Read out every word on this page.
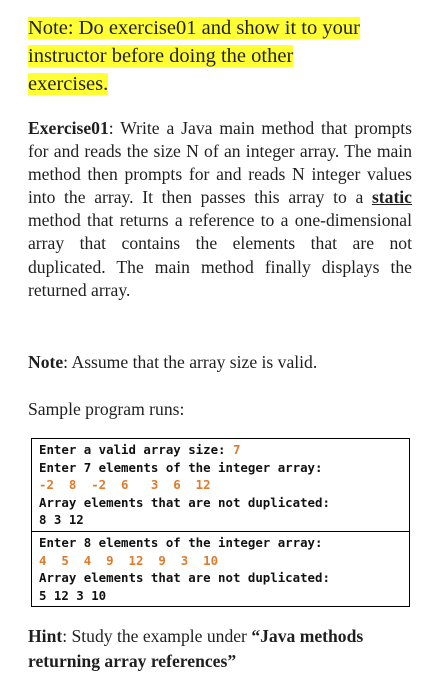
Note: Do exercise01 and show it to your
instructor before doing the other
exercises.
Exercise01: Write a Java main method that prompts for and reads the size N of an integer array. The main method then prompts for and reads N integer values into the array. It then passes this array to a static method that returns a reference to a one-dimensional array that contains the elements that are not duplicated. The main method finally displays the returned array.
Note: Assume that the array size is valid.
Sample program runs:
Enter a valid array size: 7
Enter 7 elements of the integer array:
-2  8  -2  6   3  6  12
Array elements that are not duplicated:
8 3 12
Enter 8 elements of the integer array:
4  5  4  9  12  9  3  10
Array elements that are not duplicated:
5 12 3 10
Hint: Study the example under “Java methods returning array references”
